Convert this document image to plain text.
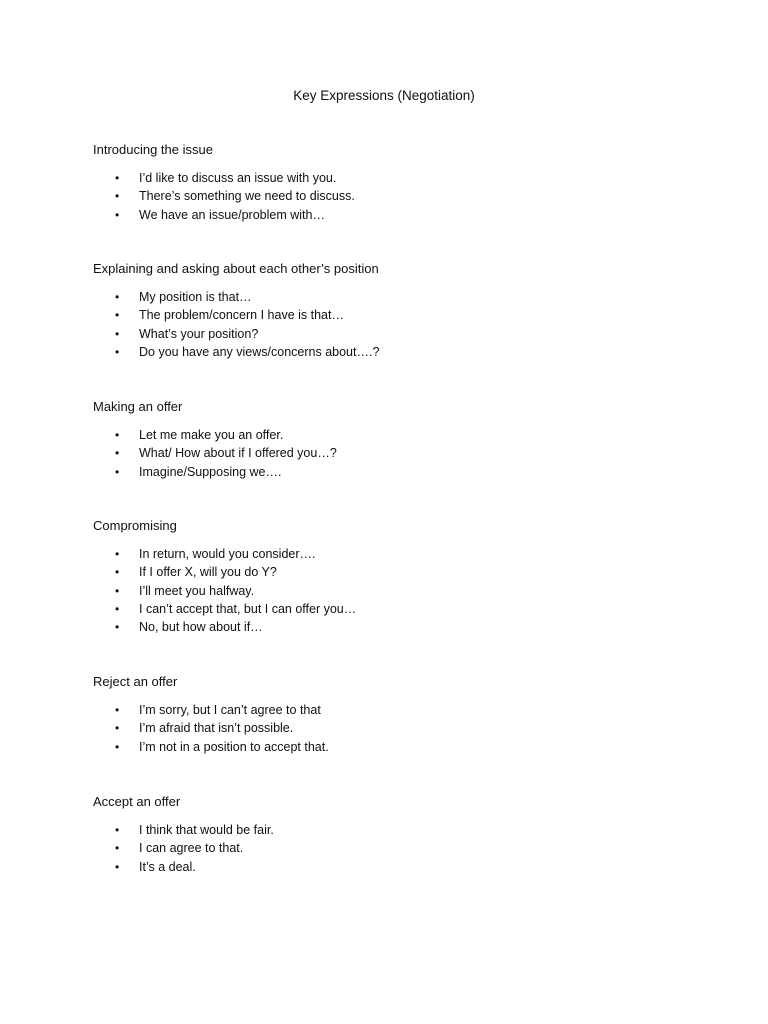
Key Expressions (Negotiation)
Introducing the issue
• I’d like to discuss an issue with you.
• There’s something we need to discuss.
• We have an issue/problem with…
Explaining and asking about each other’s position
• My position is that…
• The problem/concern I have is that…
• What’s your position?
• Do you have any views/concerns about….?
Making an offer
• Let me make you an offer.
• What/ How about if I offered you…?
• Imagine/Supposing we….
Compromising
• In return, would you consider….
• If I offer X, will you do Y?
• I’ll meet you halfway.
• I can’t accept that, but I can offer you…
• No, but how about if…
Reject an offer
• I’m sorry, but I can’t agree to that
• I’m afraid that isn’t possible.
• I’m not in a position to accept that.
Accept an offer
• I think that would be fair.
• I can agree to that.
• It’s a deal.
